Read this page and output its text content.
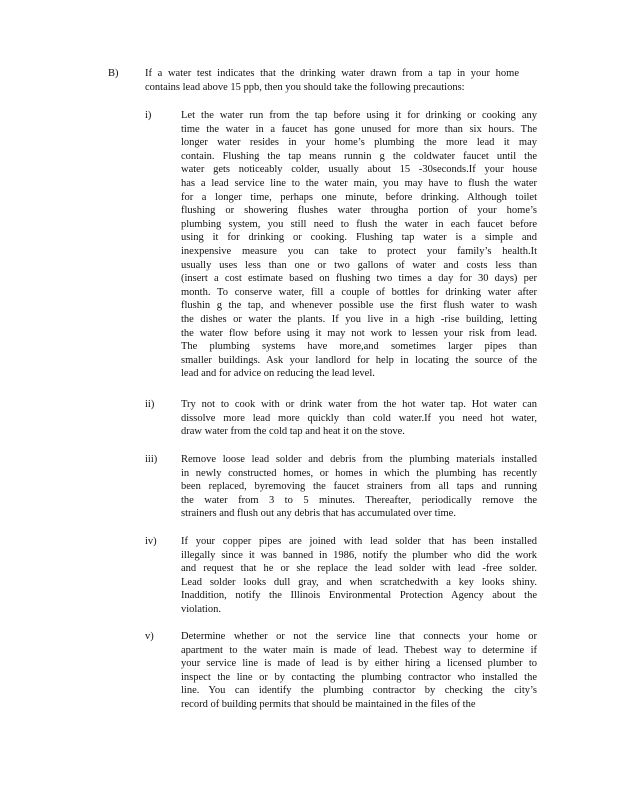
B)	If a water test indicates that the drinking water drawn from a tap in your home
contains lead above 15 ppb, then you should take the following precautions:
i)	Let the water run from the tap before using it for drinking or cooking any
time the water in a faucet has gone unused for more than six hours. The
longer water resides in your home’s plumbing the more lead it may
contain. Flushing the tap means runnin g the coldwater faucet until the
water gets noticeably colder, usually about 15 -30seconds.If your house
has a lead service line to the water main, you may have to flush the water
for a longer time, perhaps one minute, before drinking. Although toilet
flushing or showering flushes water througha portion of your home’s
plumbing system, you still need to flush the water in each faucet before
using it for drinking or cooking. Flushing tap water is a simple and
inexpensive measure you can take to protect your family’s health.It
usually uses less than one or two gallons of water and costs less than
(insert a cost estimate based on flushing two times a day for 30 days) per
month. To conserve water, fill a couple of bottles for drinking water after
flushin g the tap, and whenever possible use the first flush water to wash
the dishes or water the plants. If you live in a high -rise building, letting
the water flow before using it may not work to lessen your risk from lead.
The plumbing systems have more,and sometimes larger pipes than
smaller buildings. Ask your landlord for help in locating the source of the
lead and for advice on reducing the lead level.
ii)	Try not to cook with or drink water from the hot water tap. Hot water can
dissolve more lead more quickly than cold water.If you need hot water,
draw water from the cold tap and heat it on the stove.
iii) Remove loose lead solder and debris from the plumbing materials installed
in newly constructed homes, or homes in which the plumbing has recently
been replaced, byremoving the faucet strainers from all taps and running
the water from 3 to 5 minutes. Thereafter, periodically remove the
strainers and flush out any debris that has accumulated over time.
iv) If your copper pipes are joined with lead solder that has been installed
illegally since it was banned in 1986, notify the plumber who did the work
and request that he or she replace the lead solder with lead -free solder.
Lead solder looks dull gray, and when scratchedwith a key looks shiny.
Inaddition, notify the Illinois Environmental Protection Agency about the
violation.
v)	Determine whether or not the service line that connects your home or
apartment to the water main is made of lead. Thebest way to determine if
your service line is made of lead is by either hiring a licensed plumber to
inspect the line or by contacting the plumbing contractor who installed the
line. You can identify the plumbing contractor by checking the city’s
record of building permits that should be maintained in the files of the
